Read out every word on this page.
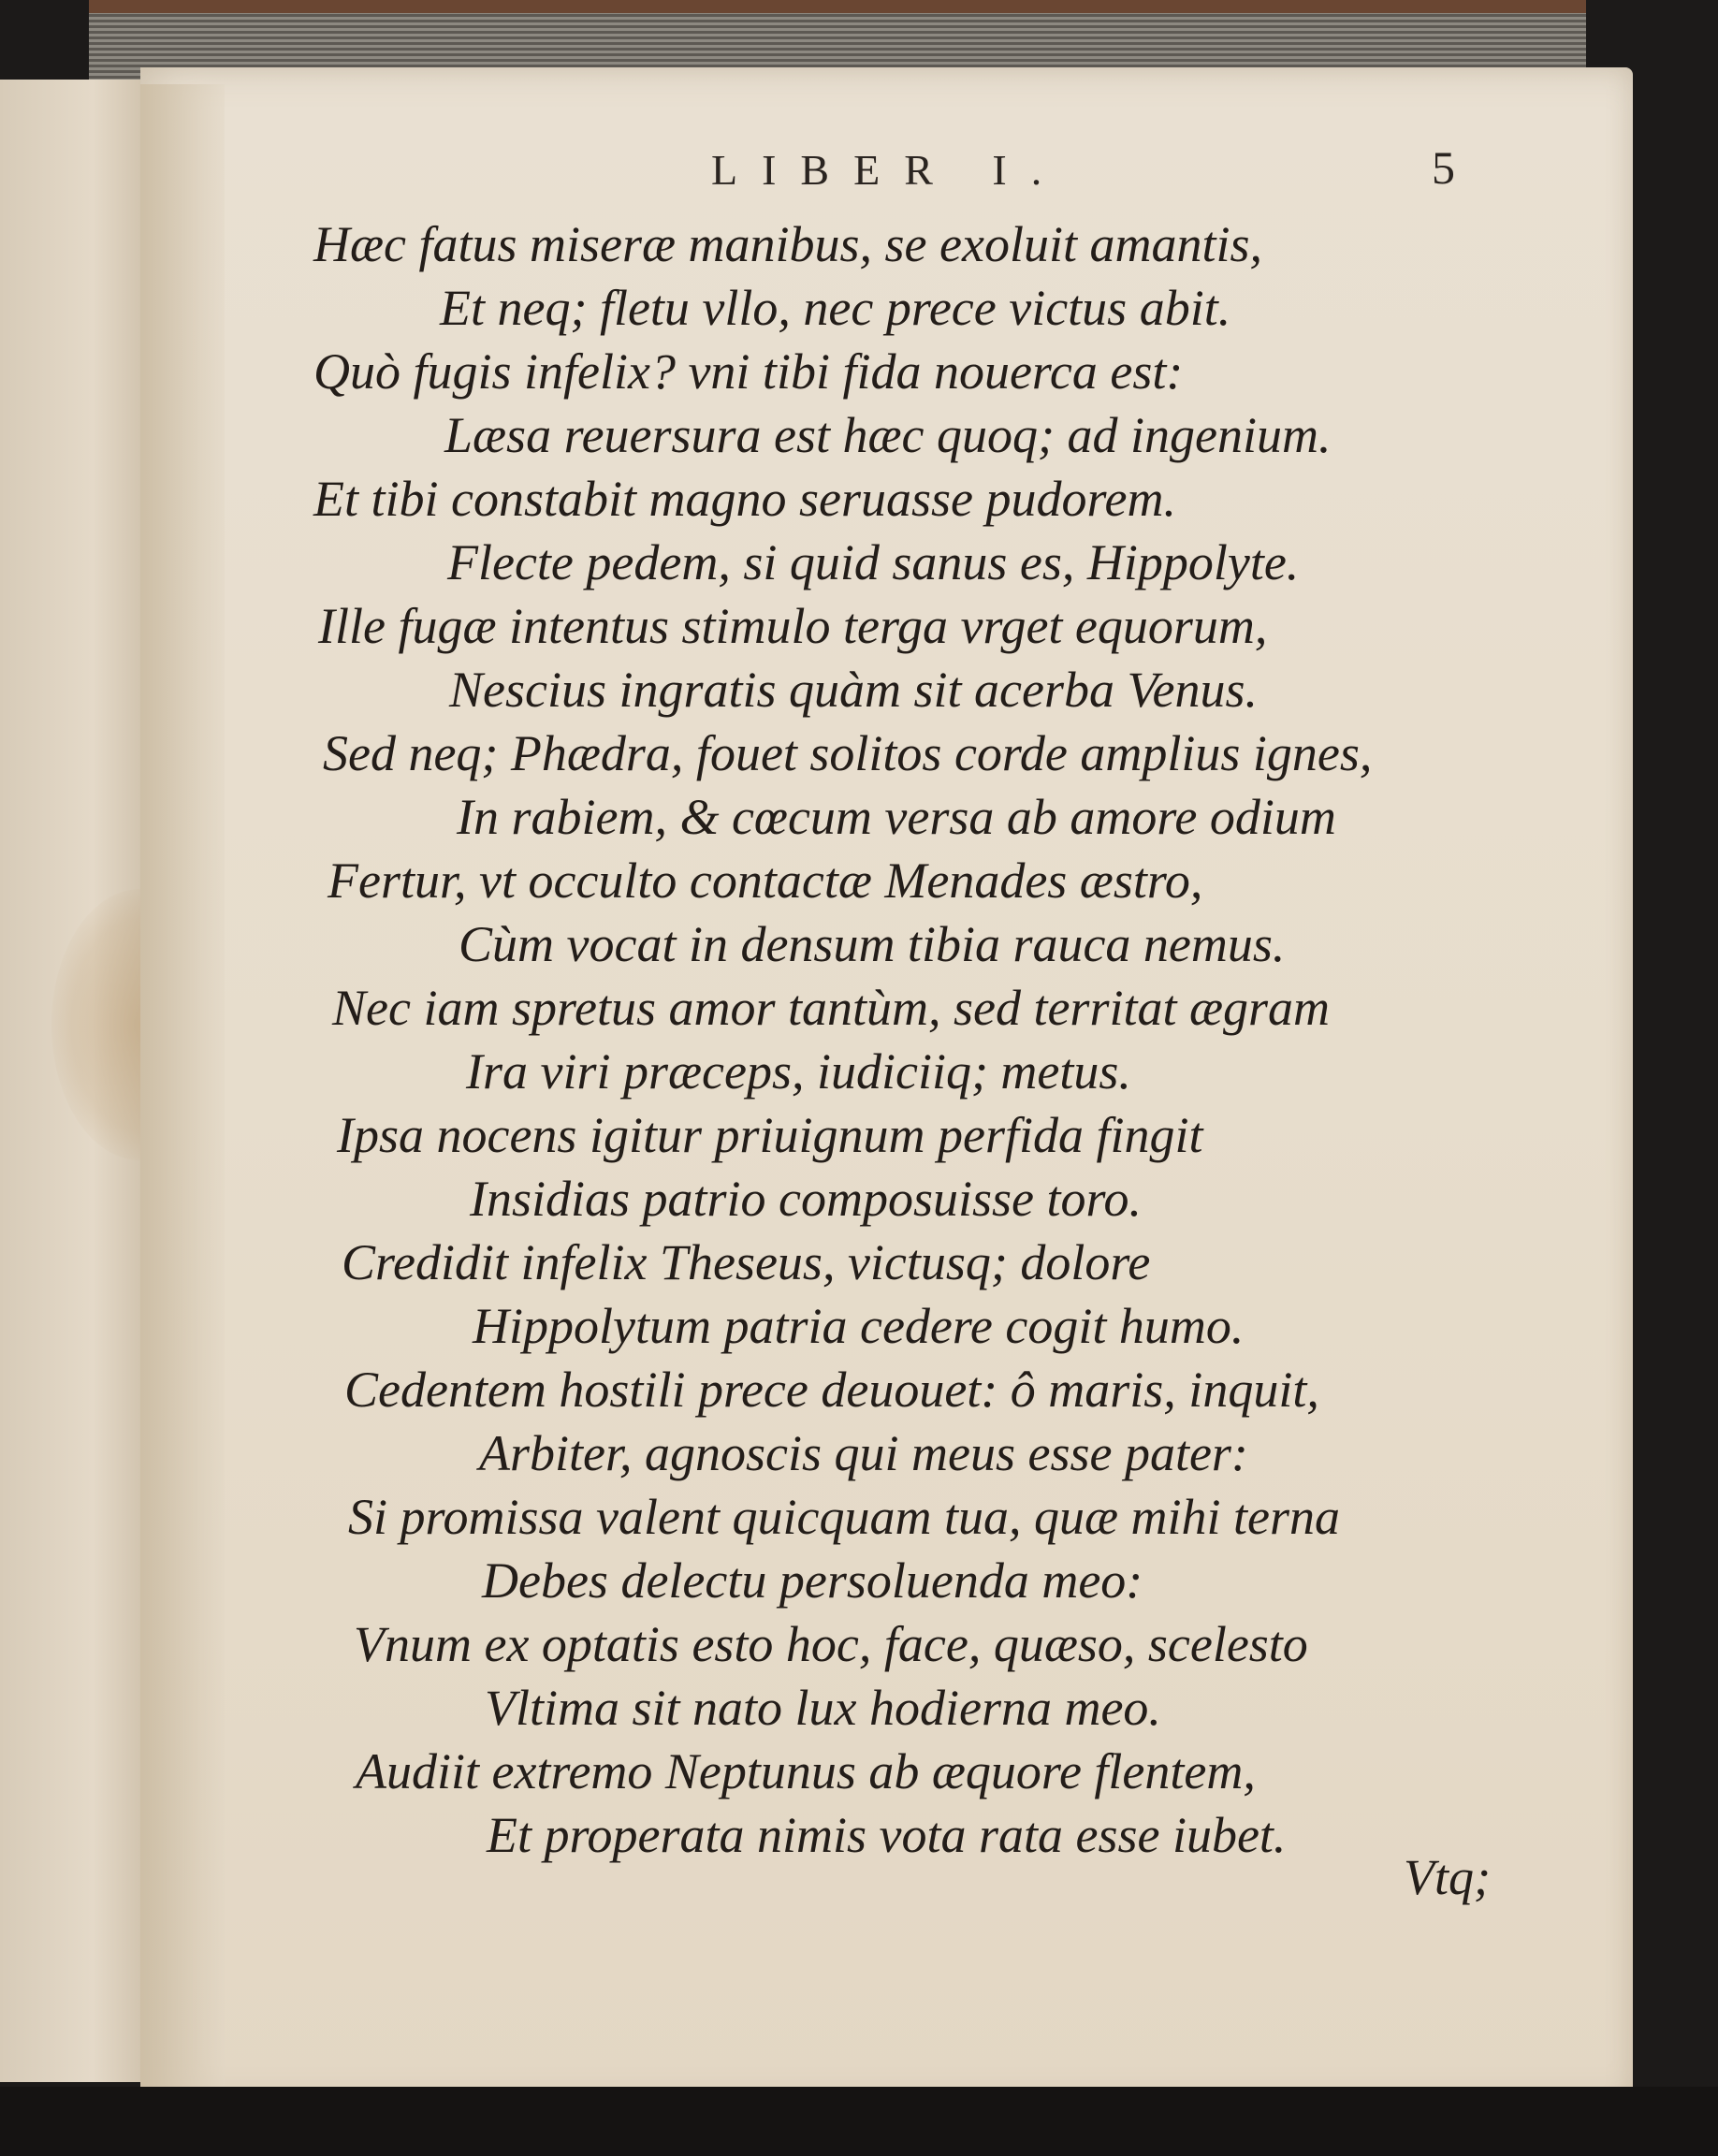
LIBER I.	5
Hæc fatus miseræ manibus, se exoluit amantis,
Et neq; fletu vllo, nec prece victus abit.
Quò fugis infelix? vni tibi fida nouerca est:
Læsa reuersura est hæc quoq; ad ingenium.
Et tibi constabit magno seruasse pudorem.
Flecte pedem, si quid sanus es, Hippolyte.
Ille fugæ intentus stimulo terga vrget equorum,
Nescius ingratis quàm sit acerba Venus.
Sed neq; Phædra, fouet solitos corde amplius ignes,
In rabiem, & cœcum versa ab amore odium
Fertur, vt occulto contactæ Menades æstro,
Cùm vocat in densum tibia rauca nemus.
Nec iam spretus amor tantùm, sed territat ægram
Ira viri præceps, iudiciiq; metus.
Ipsa nocens igitur priuignum perfida fingit
Insidias patrio composuisse toro.
Credidit infelix Theseus, victusq; dolore
Hippolytum patria cedere cogit humo.
Cedentem hostili prece deuouet: ô maris, inquit,
Arbiter, agnoscis qui meus esse pater:
Si promissa valent quicquam tua, quæ mihi terna
Debes delectu persoluenda meo:
Vnum ex optatis esto hoc, face, quæso, scelesto
Vltima sit nato lux hodierna meo.
Audiit extremo Neptunus ab æquore flentem,
Et properata nimis vota rata esse iubet.
Vtq;
